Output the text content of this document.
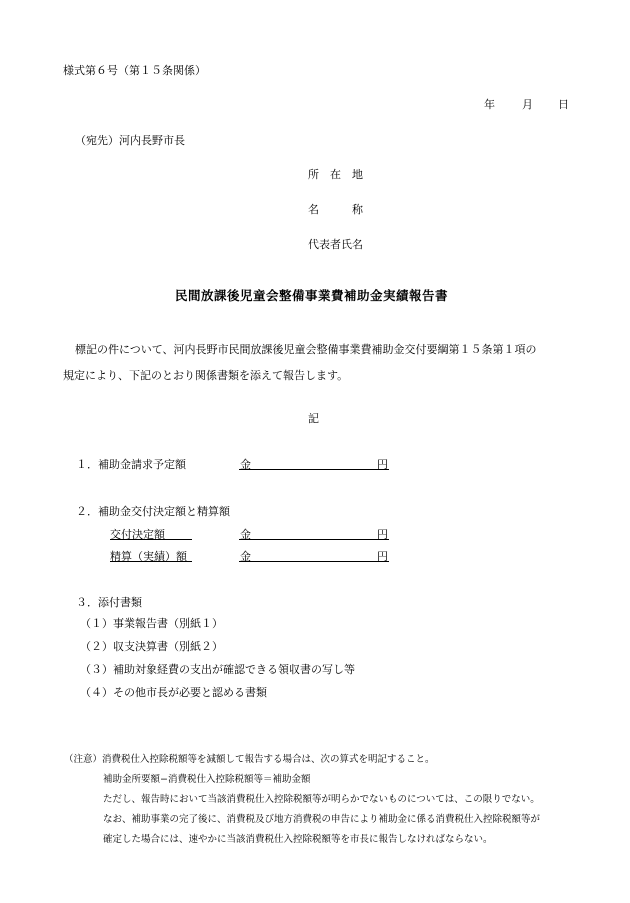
様式第６号（第１５条関係）
年 月 日
（宛先）河内長野市長
所　在　地
名　　　称
代表者氏名
民間放課後児童会整備事業費補助金実績報告書
標記の件について、河内長野市民間放課後児童会整備事業費補助金交付要綱第１５条第１項の
規定により、下記のとおり関係書類を添えて報告します。
記
１．補助金請求予定額	金	円
２．補助金交付決定額と精算額
交付決定額	金	円
精算（実績）額	金	円
３．添付書類
（１）事業報告書（別紙１）
（２）収支決算書（別紙２）
（３）補助対象経費の支出が確認できる領収書の写し等
（４）その他市長が必要と認める書類
（注意）消費税仕入控除税額等を減額して報告する場合は、次の算式を明記すること。
補助金所要額−消費税仕入控除税額等＝補助金額
ただし、報告時において当該消費税仕入控除税額等が明らかでないものについては、この限りでない。
なお、補助事業の完了後に、消費税及び地方消費税の申告により補助金に係る消費税仕入控除税額等が
確定した場合には、速やかに当該消費税仕入控除税額等を市長に報告しなければならない。
